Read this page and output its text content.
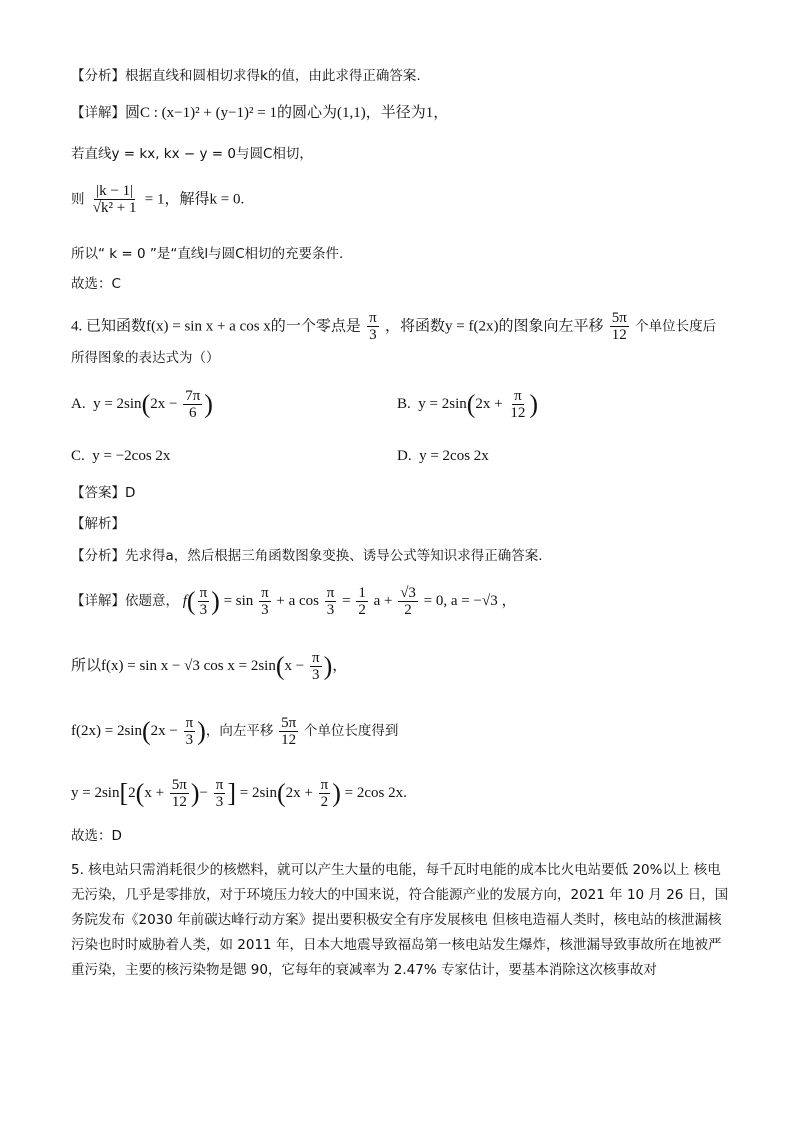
【分析】根据直线和圆相切求得k的值，由此求得正确答案.
【详解】圆C : (x−1)² + (y−1)² = 1的圆心为(1,1)，半径为1，
若直线y = kx, kx − y = 0与圆C相切，
则 $\frac{|k - 1|}{\text{√k² + 1}} = 1$，解得k = 0.
所以“ k = 0 ”是“直线l与圆C相切的充要条件.
故选：C
4. 已知函数f(x) = sin x + a cos x的一个零点是 $\frac{\pi}{3}$ ，将函数y = f(2x)的图象向左平移 $\frac{5\pi}{12}$ 个单位长度后
所得图象的表达式为（）
A. $y = 2\sin(2x - \frac{7\pi}{6}$ )	B. $y = 2\sin(2x + \frac{\pi}{12}$ )
C. y = −2cos 2x	D. y = 2cos 2x
【答案】D
【解析】
【分析】先求得a，然后根据三角函数图象变换、诱导公式等知识求得正确答案.
【详解】依题意， $f( \frac{\pi}{3}$ ) = $\sin \frac{\pi}{3} + a$ $\cos \frac{\pi}{3} = \frac{1}{2}$ $a + \frac{√3}{2} = 0$, a = −√3 ，
所以f(x) = sin x − √3 $\cos x = 2\sin(x - \frac{\pi}{3}$ )，
$f(2x) = 2\sin(2x - \frac{\pi}{3}$ )，向左平移 $\frac{5\pi}{12}$ 个单位长度得到
$y = 2\sin[2(x + \frac{5\pi}{12}$ )− $\frac{\pi}{3}$ ] = $2\sin(2x + \frac{\pi}{2}$ ) = 2cos 2x.
故选：D
5. 核电站只需消耗很少的核燃料，就可以产生大量的电能，每千瓦时电能的成本比火电站要低 20%以上 核电无污染，几乎是零排放，对于环境压力较大的中国来说，符合能源产业的发展方向，2021 年 10 月 26 日，国务院发布《2030 年前碳达峰行动方案》提出要积极安全有序发展核电 但核电造福人类时，核电站的核泄漏核污染也时时威胁着人类，如 2011 年，日本大地震导致福岛第一核电站发生爆炸，核泄漏导致事故所在地被严重污染，主要的核污染物是锶 90，它每年的衰减率为 2.47% 专家估计，要基本消除这次核事故对
